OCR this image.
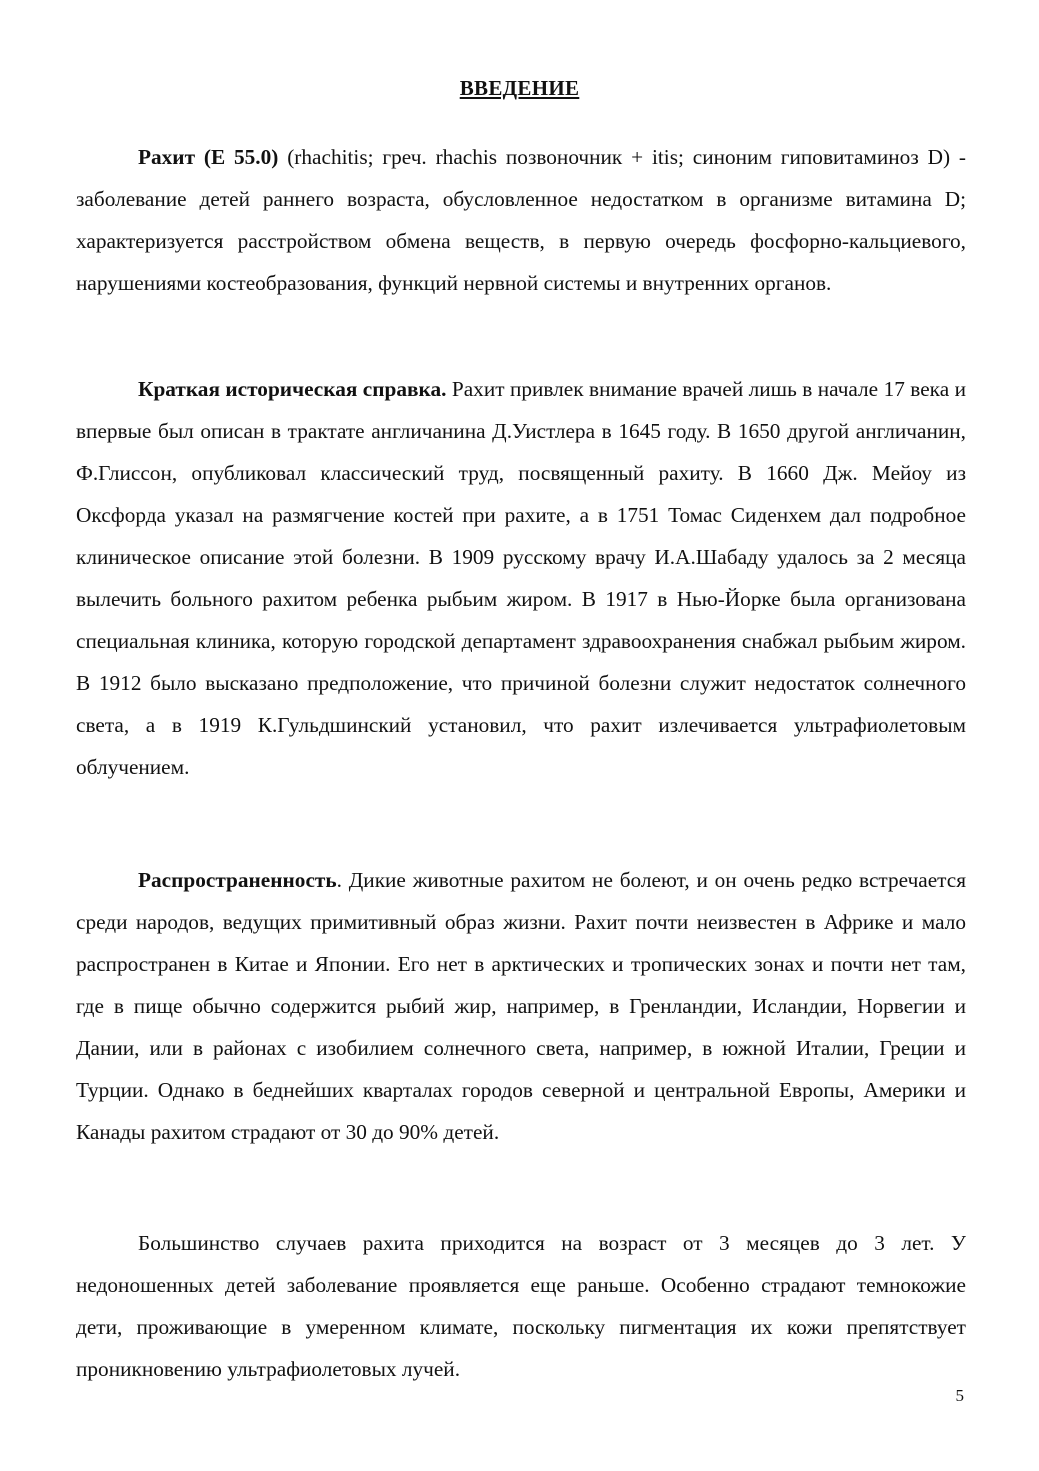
ВВЕДЕНИЕ

Рахит (E 55.0) (rhachitis; греч. rhachis позвоночник + itis; синоним гиповитаминоз D) - заболевание детей раннего возраста, обусловленное недостатком в организме витамина D; характеризуется расстройством обмена веществ, в первую очередь фосфорно-кальциевого, нарушениями костеобразования, функций нервной системы и внутренних органов.

Краткая историческая справка. Рахит привлек внимание врачей лишь в начале 17 века и впервые был описан в трактате англичанина Д.Уистлера в 1645 году. В 1650 другой англичанин, Ф.Глиссон, опубликовал классический труд, посвященный рахиту. В 1660 Дж. Мейоу из Оксфорда указал на размягчение костей при рахите, а в 1751 Томас Сиденхем дал подробное клиническое описание этой болезни. В 1909 русскому врачу И.А.Шабаду удалось за 2 месяца вылечить больного рахитом ребенка рыбьим жиром. В 1917 в Нью-Йорке была организована специальная клиника, которую городской департамент здравоохранения снабжал рыбьим жиром. В 1912 было высказано предположение, что причиной болезни служит недостаток солнечного света, а в 1919 К.Гульдшинский установил, что рахит излечивается ультрафиолетовым облучением.

Распространенность. Дикие животные рахитом не болеют, и он очень редко встречается среди народов, ведущих примитивный образ жизни. Рахит почти неизвестен в Африке и мало распространен в Китае и Японии. Его нет в арктических и тропических зонах и почти нет там, где в пище обычно содержится рыбий жир, например, в Гренландии, Исландии, Норвегии и Дании, или в районах с изобилием солнечного света, например, в южной Италии, Греции и Турции. Однако в беднейших кварталах городов северной и центральной Европы, Америки и Канады рахитом страдают от 30 до 90% детей.

Большинство случаев рахита приходится на возраст от 3 месяцев до 3 лет. У недоношенных детей заболевание проявляется еще раньше. Особенно страдают темнокожие дети, проживающие в умеренном климате, поскольку пигментация их кожи препятствует проникновению ультрафиолетовых лучей.

5
